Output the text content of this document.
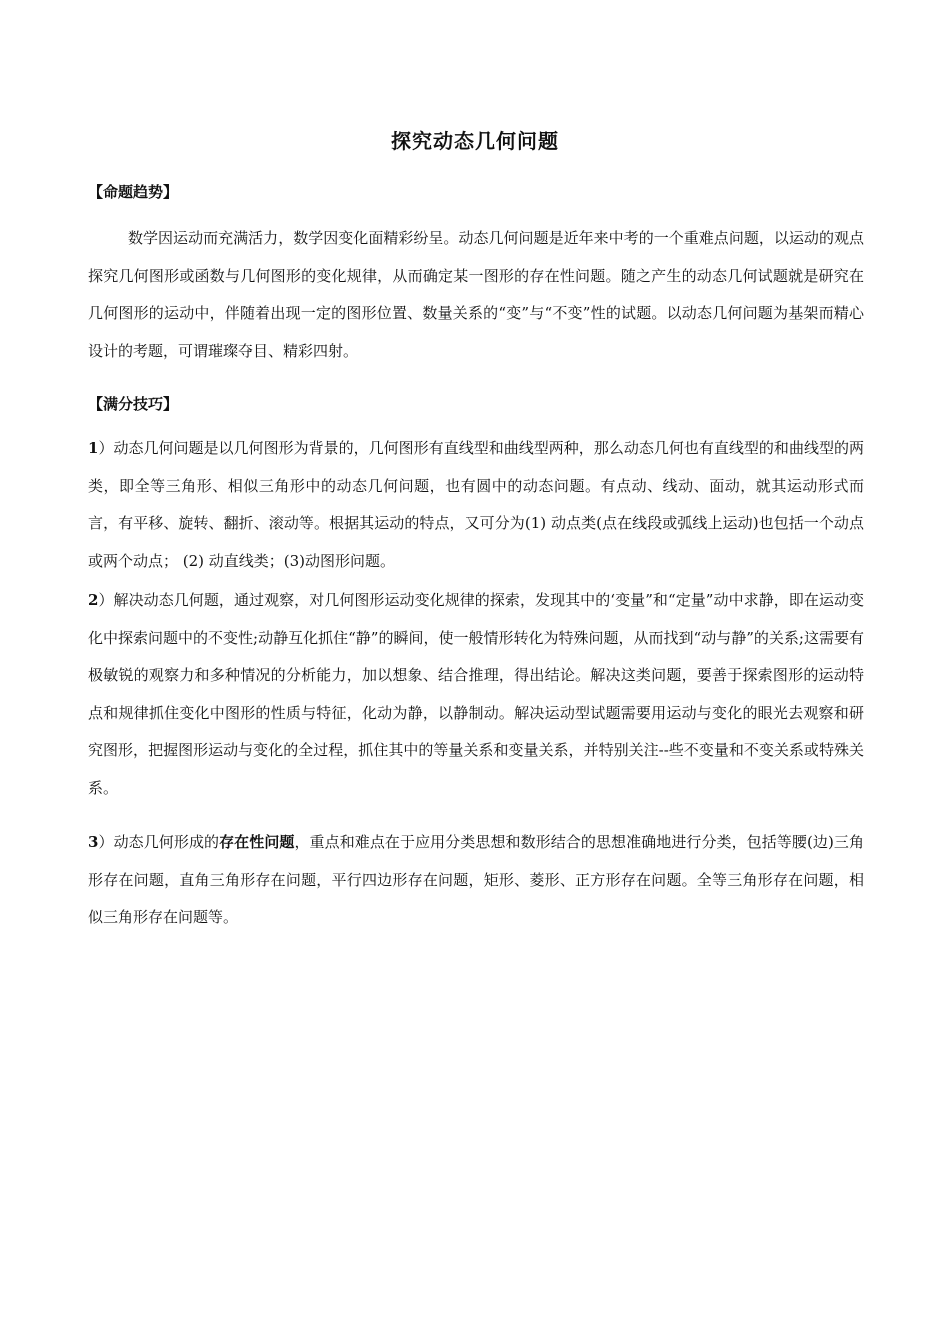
探究动态几何问题
【命题趋势】

数学因运动而充满活力，数学因变化面精彩纷呈。动态几何问题是近年来中考的一个重难点问题，以运动的观点探究几何图形或函数与几何图形的变化规律，从而确定某一图形的存在性问题。随之产生的动态几何试题就是研究在几何图形的运动中，伴随着出现一定的图形位置、数量关系的“变”与“不变”性的试题。以动态几何问题为基架而精心设计的考题，可谓璀璨夺目、精彩四射。

【满分技巧】

1）动态几何问题是以几何图形为背景的，几何图形有直线型和曲线型两种，那么动态几何也有直线型的和曲线型的两类，即全等三角形、相似三角形中的动态几何问题，也有圆中的动态问题。有点动、线动、面动，就其运动形式而言，有平移、旋转、翻折、滚动等。根据其运动的特点，又可分为(1) 动点类(点在线段或弧线上运动)也包括一个动点或两个动点； (2) 动直线类；(3)动图形问题。

2）解决动态几何题，通过观察，对几何图形运动变化规律的探索，发现其中的‘变量”和“定量”动中求静，即在运动变化中探索问题中的不变性;动静互化抓住“静”的瞬间，使一般情形转化为特殊问题，从而找到“动与静”的关系;这需要有极敏锐的观察力和多种情况的分析能力，加以想象、结合推理，得出结论。解决这类问题，要善于探索图形的运动特点和规律抓住变化中图形的性质与特征，化动为静，以静制动。解决运动型试题需要用运动与变化的眼光去观察和研究图形，把握图形运动与变化的全过程，抓住其中的等量关系和变量关系，并特别关注--些不变量和不变关系或特殊关系。

3）动态几何形成的存在性问题，重点和难点在于应用分类思想和数形结合的思想准确地进行分类，包括等腰(边)三角形存在问题，直角三角形存在问题，平行四边形存在问题，矩形、菱形、正方形存在问题。全等三角形存在问题，相似三角形存在问题等。
